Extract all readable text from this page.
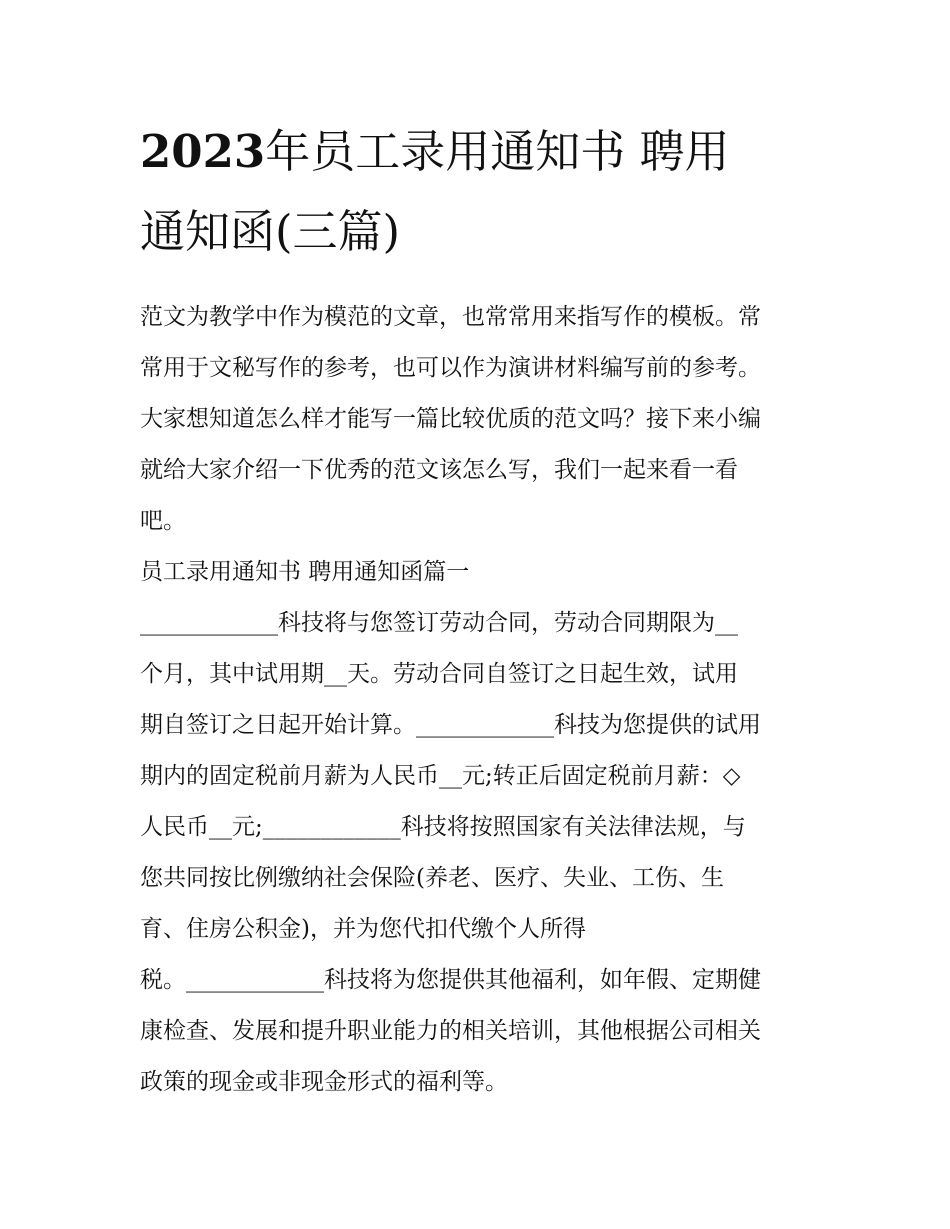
2023年员工录用通知书 聘用
通知函(三篇)
范文为教学中作为模范的文章，也常常用来指写作的模板。常
常用于文秘写作的参考，也可以作为演讲材料编写前的参考。
大家想知道怎么样才能写一篇比较优质的范文吗？接下来小编
就给大家介绍一下优秀的范文该怎么写，我们一起来看一看
吧。
员工录用通知书 聘用通知函篇一
____________科技将与您签订劳动合同，劳动合同期限为__
个月，其中试用期__天。劳动合同自签订之日起生效，试用
期自签订之日起开始计算。____________科技为您提供的试用
期内的固定税前月薪为人民币__元;转正后固定税前月薪：◇
人民币__元;____________科技将按照国家有关法律法规，与
您共同按比例缴纳社会保险(养老、医疗、失业、工伤、生
育、住房公积金)，并为您代扣代缴个人所得
税。____________科技将为您提供其他福利，如年假、定期健
康检查、发展和提升职业能力的相关培训，其他根据公司相关
政策的现金或非现金形式的福利等。
